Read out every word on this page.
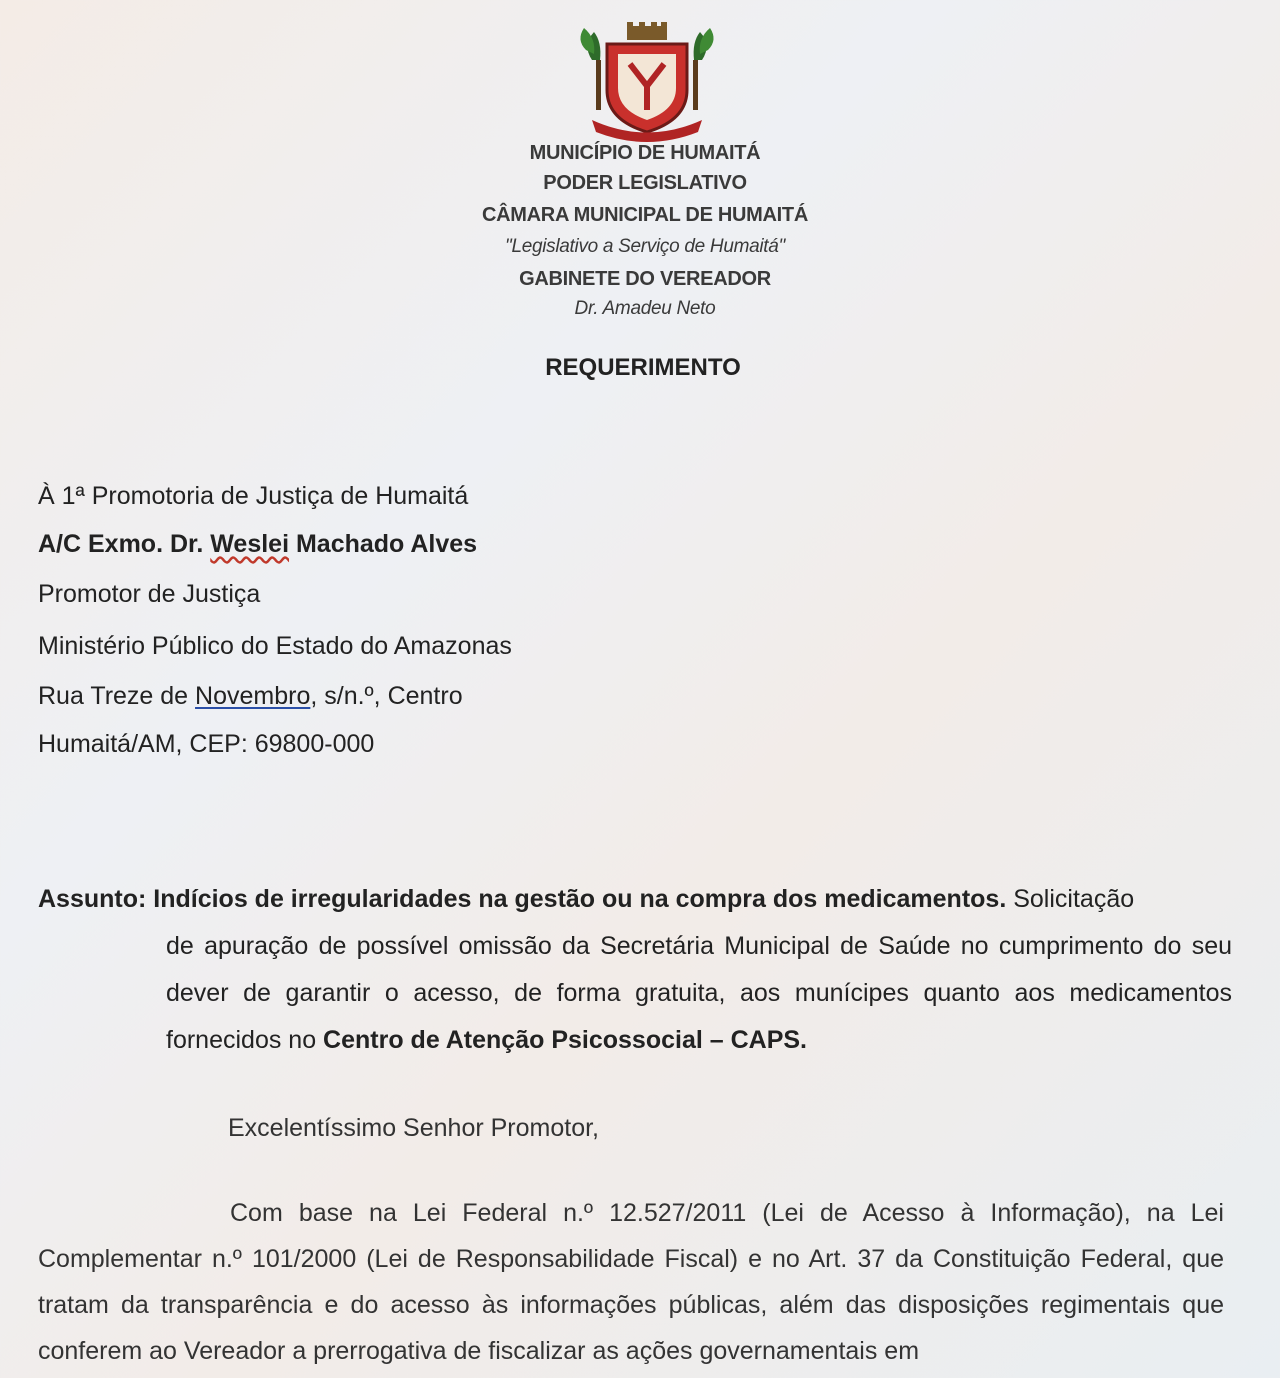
MUNICÍPIO DE HUMAITÁ
PODER LEGISLATIVO
CÂMARA MUNICIPAL DE HUMAITÁ
"Legislativo a Serviço de Humaitá"
GABINETE DO VEREADOR
Dr. Amadeu Neto
REQUERIMENTO
À 1ª Promotoria de Justiça de Humaitá
A/C Exmo. Dr. Weslei Machado Alves
Promotor de Justiça
Ministério Público do Estado do Amazonas
Rua Treze de Novembro, s/n.º, Centro
Humaitá/AM, CEP: 69800-000
Assunto: Indícios de irregularidades na gestão ou na compra dos medicamentos. Solicitação
de apuração de possível omissão da Secretária Municipal de Saúde no cumprimento do seu dever de garantir o acesso, de forma gratuita, aos munícipes quanto aos medicamentos fornecidos no Centro de Atenção Psicossocial – CAPS.
Excelentíssimo Senhor Promotor,
Com base na Lei Federal n.º 12.527/2011 (Lei de Acesso à Informação), na Lei Complementar n.º 101/2000 (Lei de Responsabilidade Fiscal) e no Art. 37 da Constituição Federal, que tratam da transparência e do acesso às informações públicas, além das disposições regimentais que conferem ao Vereador a prerrogativa de fiscalizar as ações governamentais em
